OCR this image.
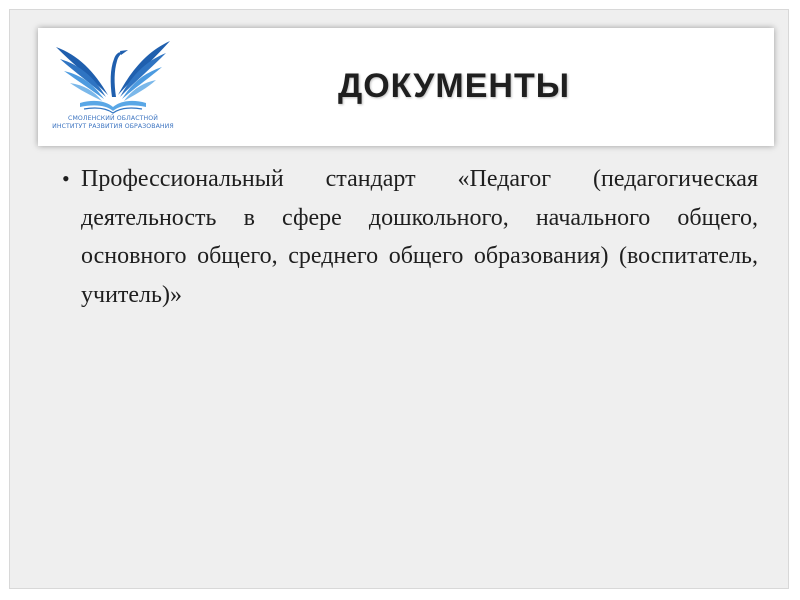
СМОЛЕНСКИЙ ОБЛАСТНОЙ
ИНСТИТУТ РАЗВИТИЯ ОБРАЗОВАНИЯ
ДОКУМЕНТЫ
• Профессиональный стандарт «Педагог (педагогическая деятельность в сфере дошкольного, начального общего, основного общего, среднего общего образования) (воспитатель, учитель)»
